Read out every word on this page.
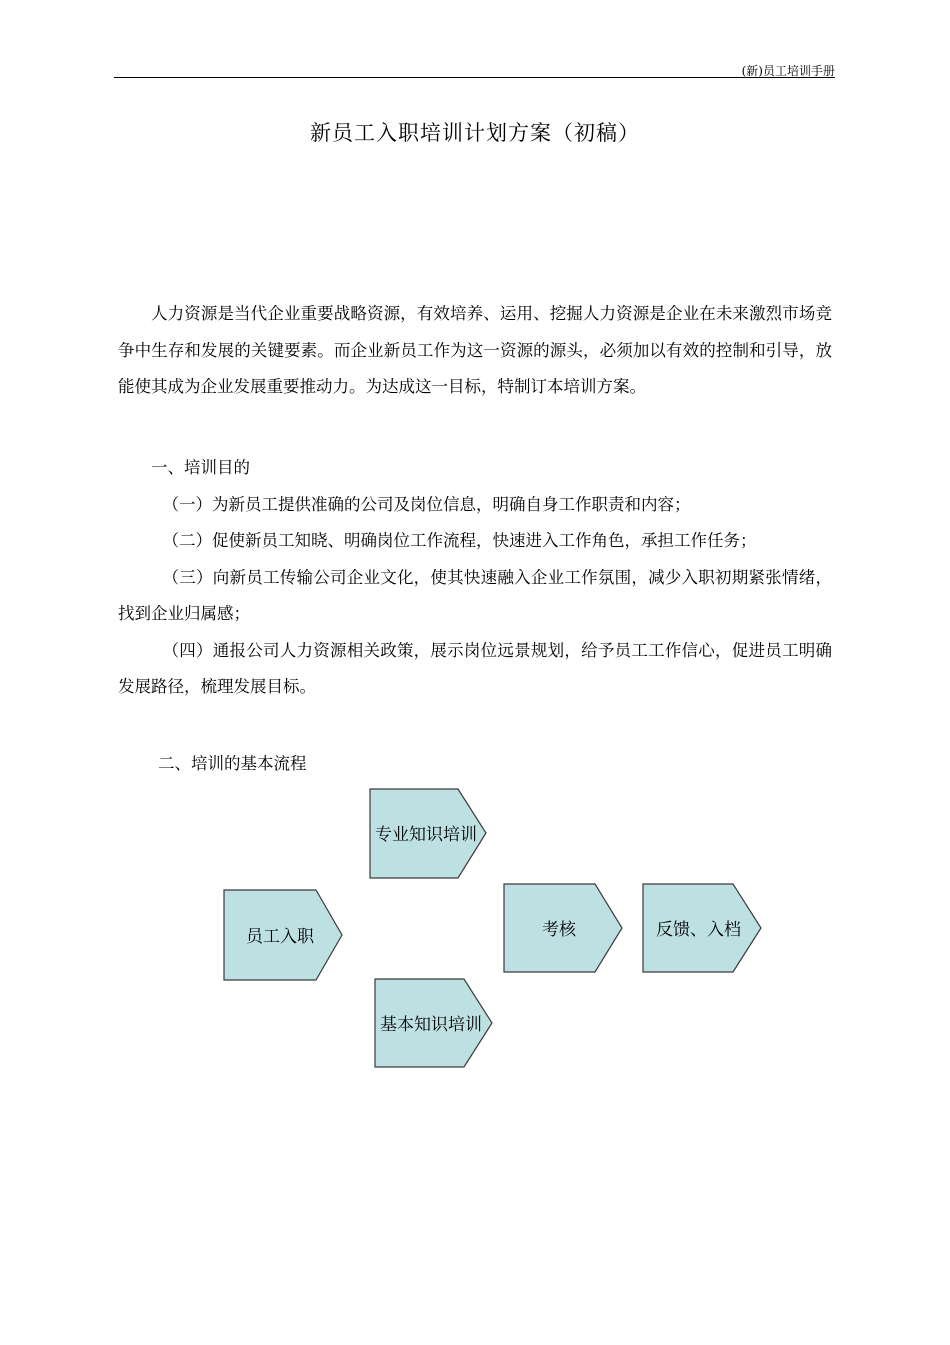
(新)员工培训手册
新员工入职培训计划方案（初稿）

人力资源是当代企业重要战略资源，有效培养、运用、挖掘人力资源是企业在未来激烈市场竞争中生存和发展的关键要素。而企业新员工作为这一资源的源头，必须加以有效的控制和引导，放能使其成为企业发展重要推动力。为达成这一目标，特制订本培训方案。

一、培训目的

（一）为新员工提供准确的公司及岗位信息，明确自身工作职责和内容；

（二）促使新员工知晓、明确岗位工作流程，快速进入工作角色，承担工作任务；

（三）向新员工传输公司企业文化，使其快速融入企业工作氛围，减少入职初期紧张情绪，找到企业归属感；

（四）通报公司人力资源相关政策，展示岗位远景规划，给予员工工作信心，促进员工明确发展路径，梳理发展目标。

二、培训的基本流程
员工入职
专业知识培训
基本知识培训
考核	反馈、入档
